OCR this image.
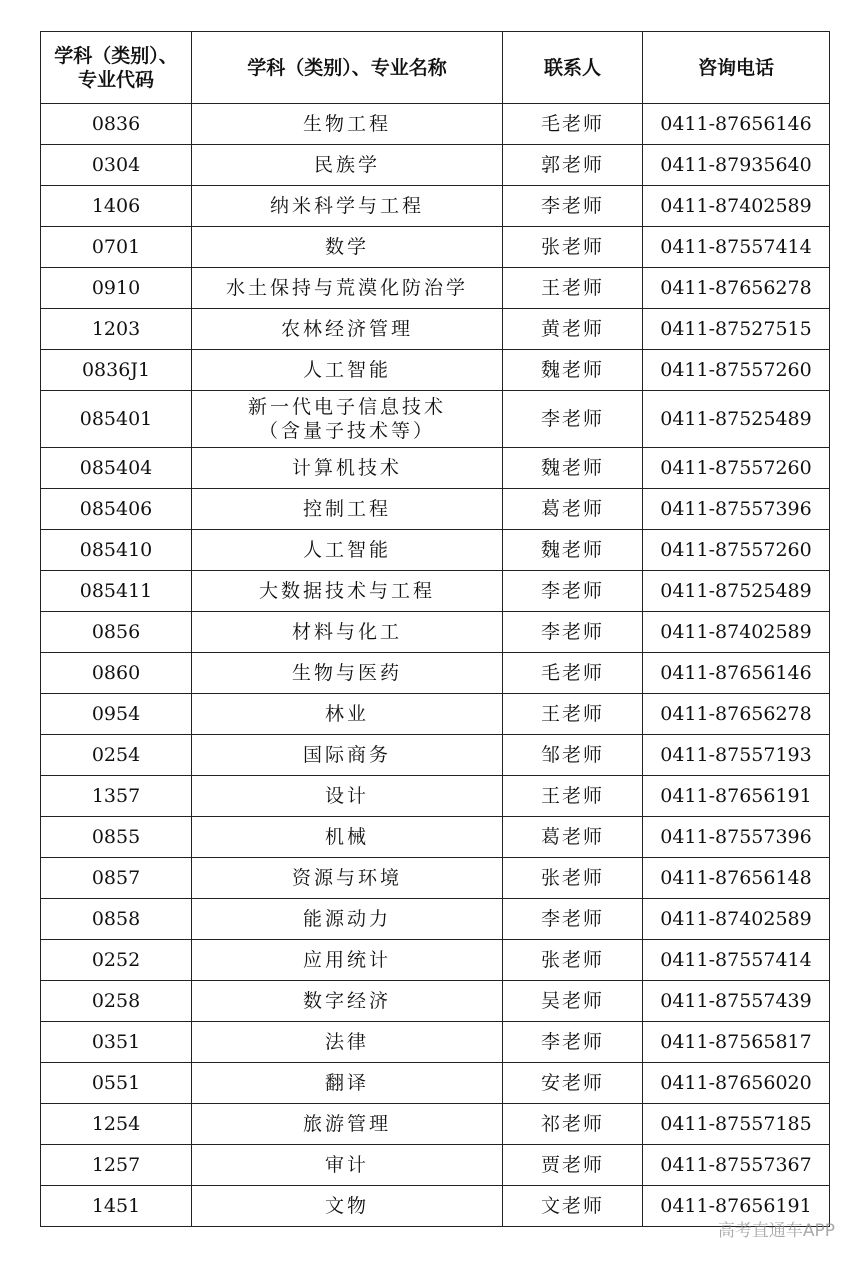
学科（类别）、
专业代码	学科（类别）、专业名称	联系人	咨询电话
0836	生物工程	毛老师	0411-87656146
0304	民族学	郭老师	0411-87935640
1406	纳米科学与工程	李老师	0411-87402589
0701	数学	张老师	0411-87557414
0910	水土保持与荒漠化防治学	王老师	0411-87656278
1203	农林经济管理	黄老师	0411-87527515
0836J1	人工智能	魏老师	0411-87557260
085401	新一代电子信息技术
（含量子技术等）	李老师	0411-87525489
085404	计算机技术	魏老师	0411-87557260
085406	控制工程	葛老师	0411-87557396
085410	人工智能	魏老师	0411-87557260
085411	大数据技术与工程	李老师	0411-87525489
0856	材料与化工	李老师	0411-87402589
0860	生物与医药	毛老师	0411-87656146
0954	林业	王老师	0411-87656278
0254	国际商务	邹老师	0411-87557193
1357	设计	王老师	0411-87656191
0855	机械	葛老师	0411-87557396
0857	资源与环境	张老师	0411-87656148
0858	能源动力	李老师	0411-87402589
0252	应用统计	张老师	0411-87557414
0258	数字经济	吴老师	0411-87557439
0351	法律	李老师	0411-87565817
0551	翻译	安老师	0411-87656020
1254	旅游管理	祁老师	0411-87557185
1257	审计	贾老师	0411-87557367
1451	文物	文老师	0411-87656191
高考直通车APP
